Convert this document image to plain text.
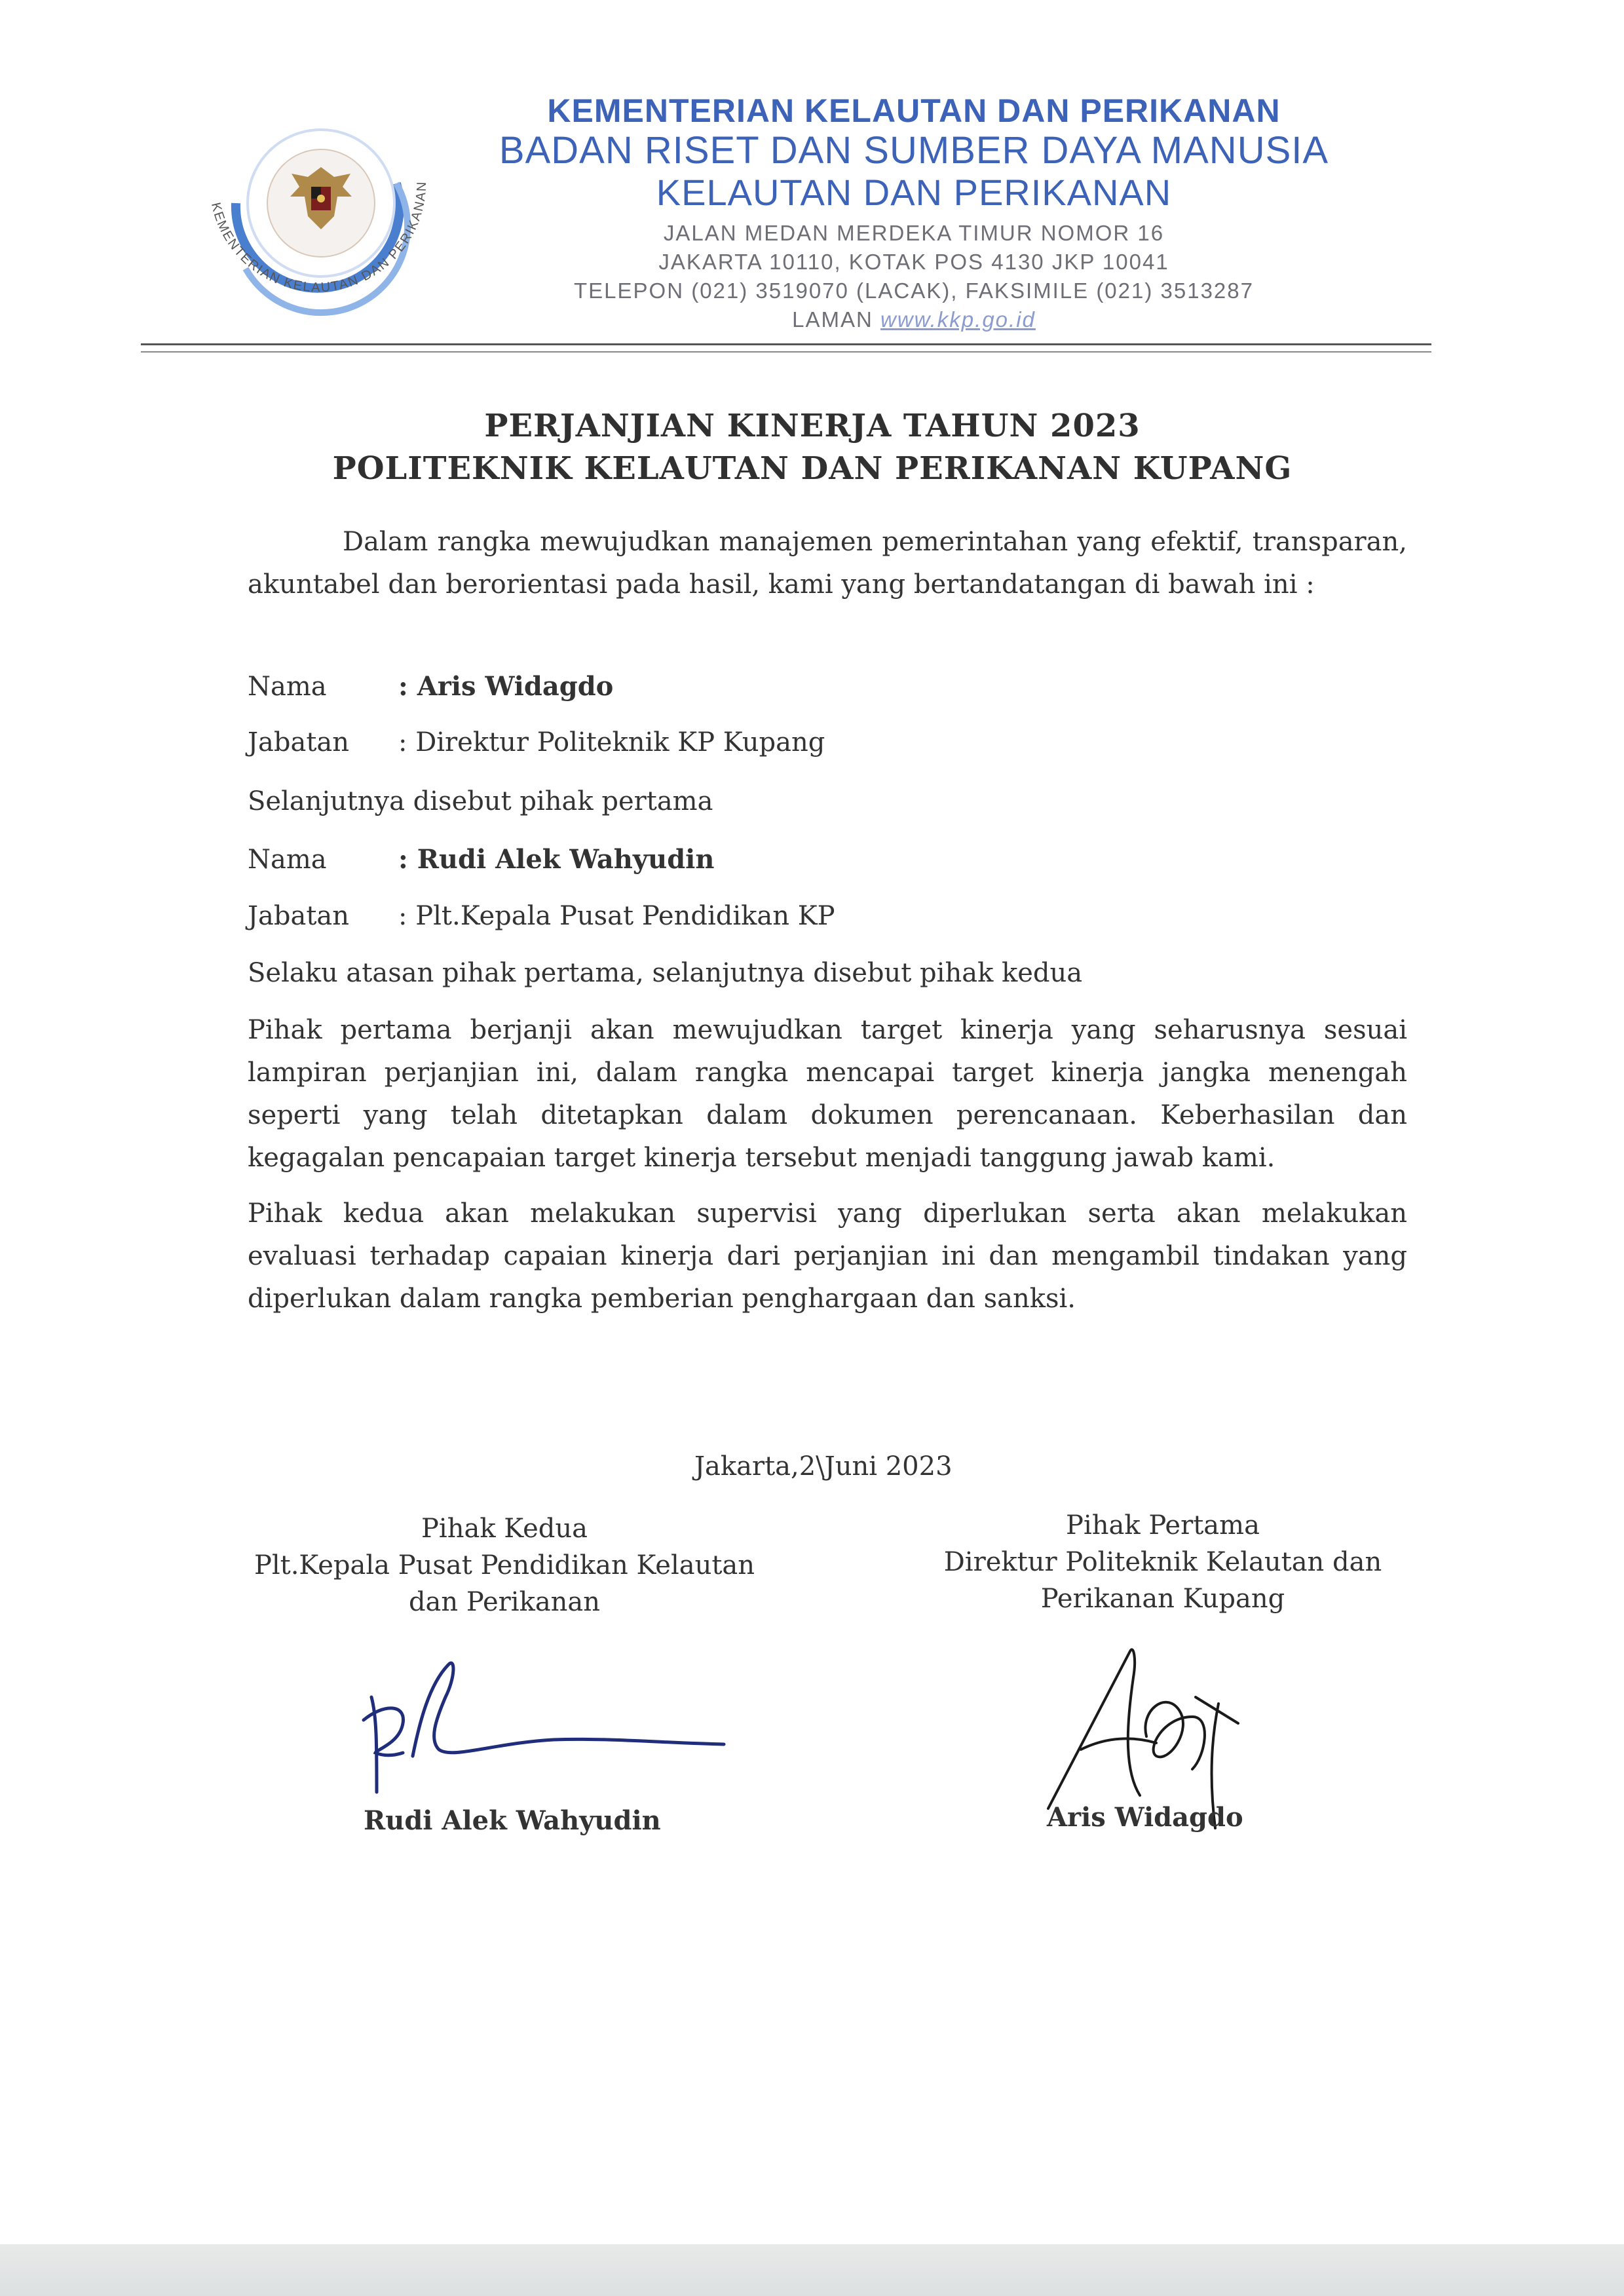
KEMENTERIAN KELAUTAN DAN PERIKANAN
KEMENTERIAN KELAUTAN DAN PERIKANAN
BADAN RISET DAN SUMBER DAYA MANUSIA
KELAUTAN DAN PERIKANAN
JALAN MEDAN MERDEKA TIMUR NOMOR 16
JAKARTA 10110, KOTAK POS 4130 JKP 10041
TELEPON (021) 3519070 (LACAK), FAKSIMILE (021) 3513287
LAMAN www.kkp.go.id
PERJANJIAN KINERJA TAHUN 2023
POLITEKNIK KELAUTAN DAN PERIKANAN KUPANG
Dalam rangka mewujudkan manajemen pemerintahan yang efektif, transparan, akuntabel dan berorientasi pada hasil, kami yang bertandatangan di bawah ini :
Nama	: Aris Widagdo
Jabatan : Direktur Politeknik KP Kupang
Selanjutnya disebut pihak pertama
Nama	: Rudi Alek Wahyudin
Jabatan : Plt.Kepala Pusat Pendidikan KP
Selaku atasan pihak pertama, selanjutnya disebut pihak kedua
Pihak pertama berjanji akan mewujudkan target kinerja yang seharusnya sesuai lampiran perjanjian ini, dalam rangka mencapai target kinerja jangka menengah seperti yang telah ditetapkan dalam dokumen perencanaan. Keberhasilan dan kegagalan pencapaian target kinerja tersebut menjadi tanggung jawab kami.
Pihak kedua akan melakukan supervisi yang diperlukan serta akan melakukan evaluasi terhadap capaian kinerja dari perjanjian ini dan mengambil tindakan yang diperlukan dalam rangka pemberian penghargaan dan sanksi.
Jakarta,2\Juni 2023
Pihak Kedua
Plt.Kepala Pusat Pendidikan Kelautan
dan Perikanan
Rudi Alek Wahyudin
Pihak Pertama
Direktur Politeknik Kelautan dan
Perikanan Kupang
Aris Widagdo
